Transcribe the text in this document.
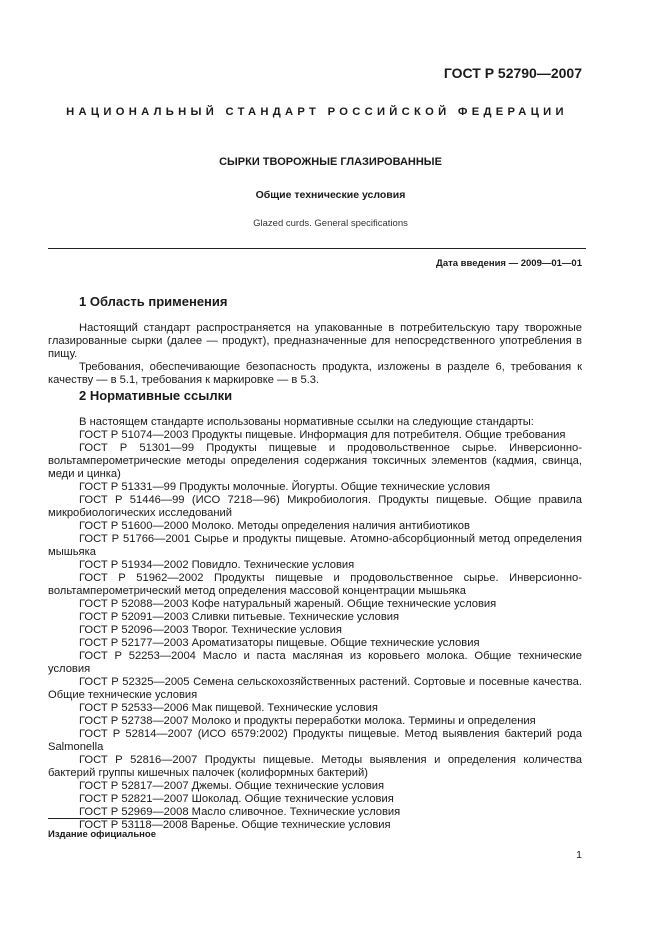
ГОСТ Р 52790—2007
НАЦИОНАЛЬНЫЙ СТАНДАРТ РОССИЙСКОЙ ФЕДЕРАЦИИ
СЫРКИ ТВОРОЖНЫЕ ГЛАЗИРОВАННЫЕ
Общие технические условия
Glazed curds. General specifications
Дата введения — 2009—01—01
1 Область применения

Настоящий стандарт распространяется на упакованные в потребительскую тару творожные глазированные сырки (далее — продукт), предназначенные для непосредственного употребления в пищу.

Требования, обеспечивающие безопасность продукта, изложены в разделе 6, требования к качеству — в 5.1, требования к маркировке — в 5.3.

2 Нормативные ссылки

В настоящем стандарте использованы нормативные ссылки на следующие стандарты:

ГОСТ Р 51074—2003 Продукты пищевые. Информация для потребителя. Общие требования

ГОСТ Р 51301—99 Продукты пищевые и продовольственное сырье. Инверсионно-вольтамперометрические методы определения содержания токсичных элементов (кадмия, свинца, меди и цинка)

ГОСТ Р 51331—99 Продукты молочные. Йогурты. Общие технические условия

ГОСТ Р 51446—99 (ИСО 7218—96) Микробиология. Продукты пищевые. Общие правила микробиологических исследований

ГОСТ Р 51600—2000 Молоко. Методы определения наличия антибиотиков

ГОСТ Р 51766—2001 Сырье и продукты пищевые. Атомно-абсорбционный метод определения мышьяка

ГОСТ Р 51934—2002 Повидло. Технические условия

ГОСТ Р 51962—2002 Продукты пищевые и продовольственное сырье. Инверсионно-вольтамперометрический метод определения массовой концентрации мышьяка

ГОСТ Р 52088—2003 Кофе натуральный жареный. Общие технические условия

ГОСТ Р 52091—2003 Сливки питьевые. Технические условия

ГОСТ Р 52096—2003 Творог. Технические условия

ГОСТ Р 52177—2003 Ароматизаторы пищевые. Общие технические условия

ГОСТ Р 52253—2004 Масло и паста масляная из коровьего молока. Общие технические условия

ГОСТ Р 52325—2005 Семена сельскохозяйственных растений. Сортовые и посевные качества. Общие технические условия

ГОСТ Р 52533—2006 Мак пищевой. Технические условия

ГОСТ Р 52738—2007 Молоко и продукты переработки молока. Термины и определения

ГОСТ Р 52814—2007 (ИСО 6579:2002) Продукты пищевые. Метод выявления бактерий рода Salmonella

ГОСТ Р 52816—2007 Продукты пищевые. Методы выявления и определения количества бактерий группы кишечных палочек (колиформных бактерий)

ГОСТ Р 52817—2007 Джемы. Общие технические условия

ГОСТ Р 52821—2007 Шоколад. Общие технические условия

ГОСТ Р 52969—2008 Масло сливочное. Технические условия

ГОСТ Р 53118—2008 Варенье. Общие технические условия

Издание официальное
1
